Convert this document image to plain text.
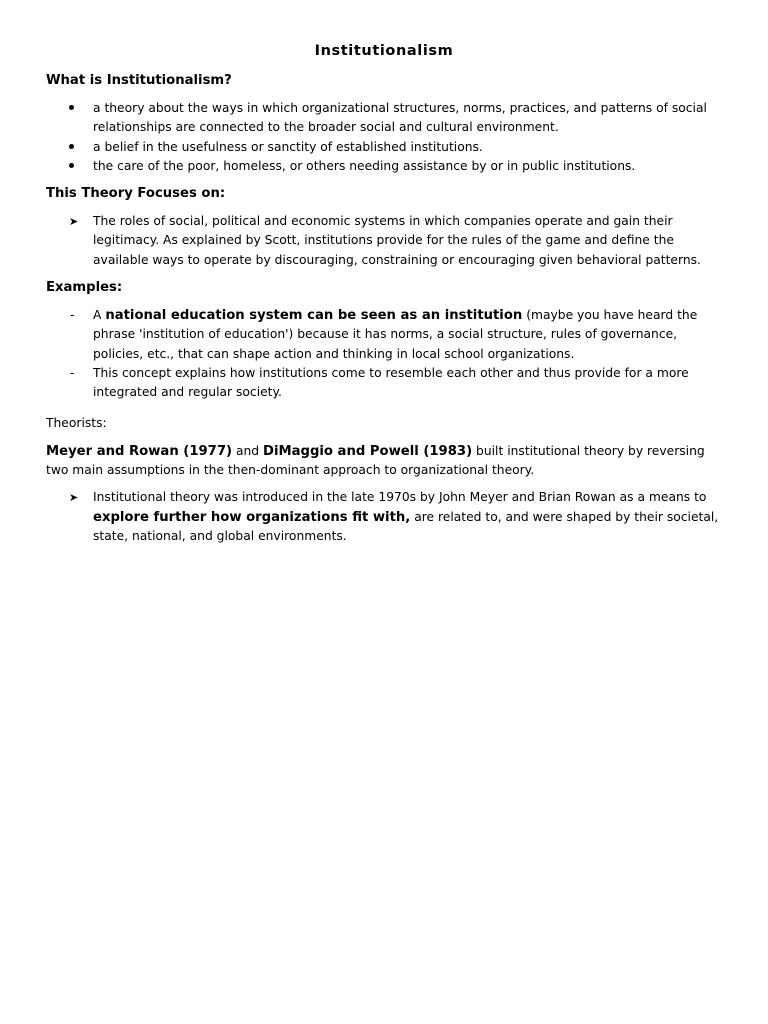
Institutionalism
What is Institutionalism?
a theory about the ways in which organizational structures, norms, practices, and patterns of social relationships are connected to the broader social and cultural environment.
a belief in the usefulness or sanctity of established institutions.
the care of the poor, homeless, or others needing assistance by or in public institutions.
This Theory Focuses on:
➤ The roles of social, political and economic systems in which companies operate and gain their legitimacy. As explained by Scott, institutions provide for the rules of the game and define the available ways to operate by discouraging, constraining or encouraging given behavioral patterns.
Examples:
- A national education system can be seen as an institution (maybe you have heard the phrase 'institution of education') because it has norms, a social structure, rules of governance, policies, etc., that can shape action and thinking in local school organizations.
- This concept explains how institutions come to resemble each other and thus provide for a more integrated and regular society.

Theorists:

Meyer and Rowan (1977) and DiMaggio and Powell (1983) built institutional theory by reversing two main assumptions in the then-dominant approach to organizational theory.

➤ Institutional theory was introduced in the late 1970s by John Meyer and Brian Rowan as a means to explore further how organizations fit with, are related to, and were shaped by their societal, state, national, and global environments.
